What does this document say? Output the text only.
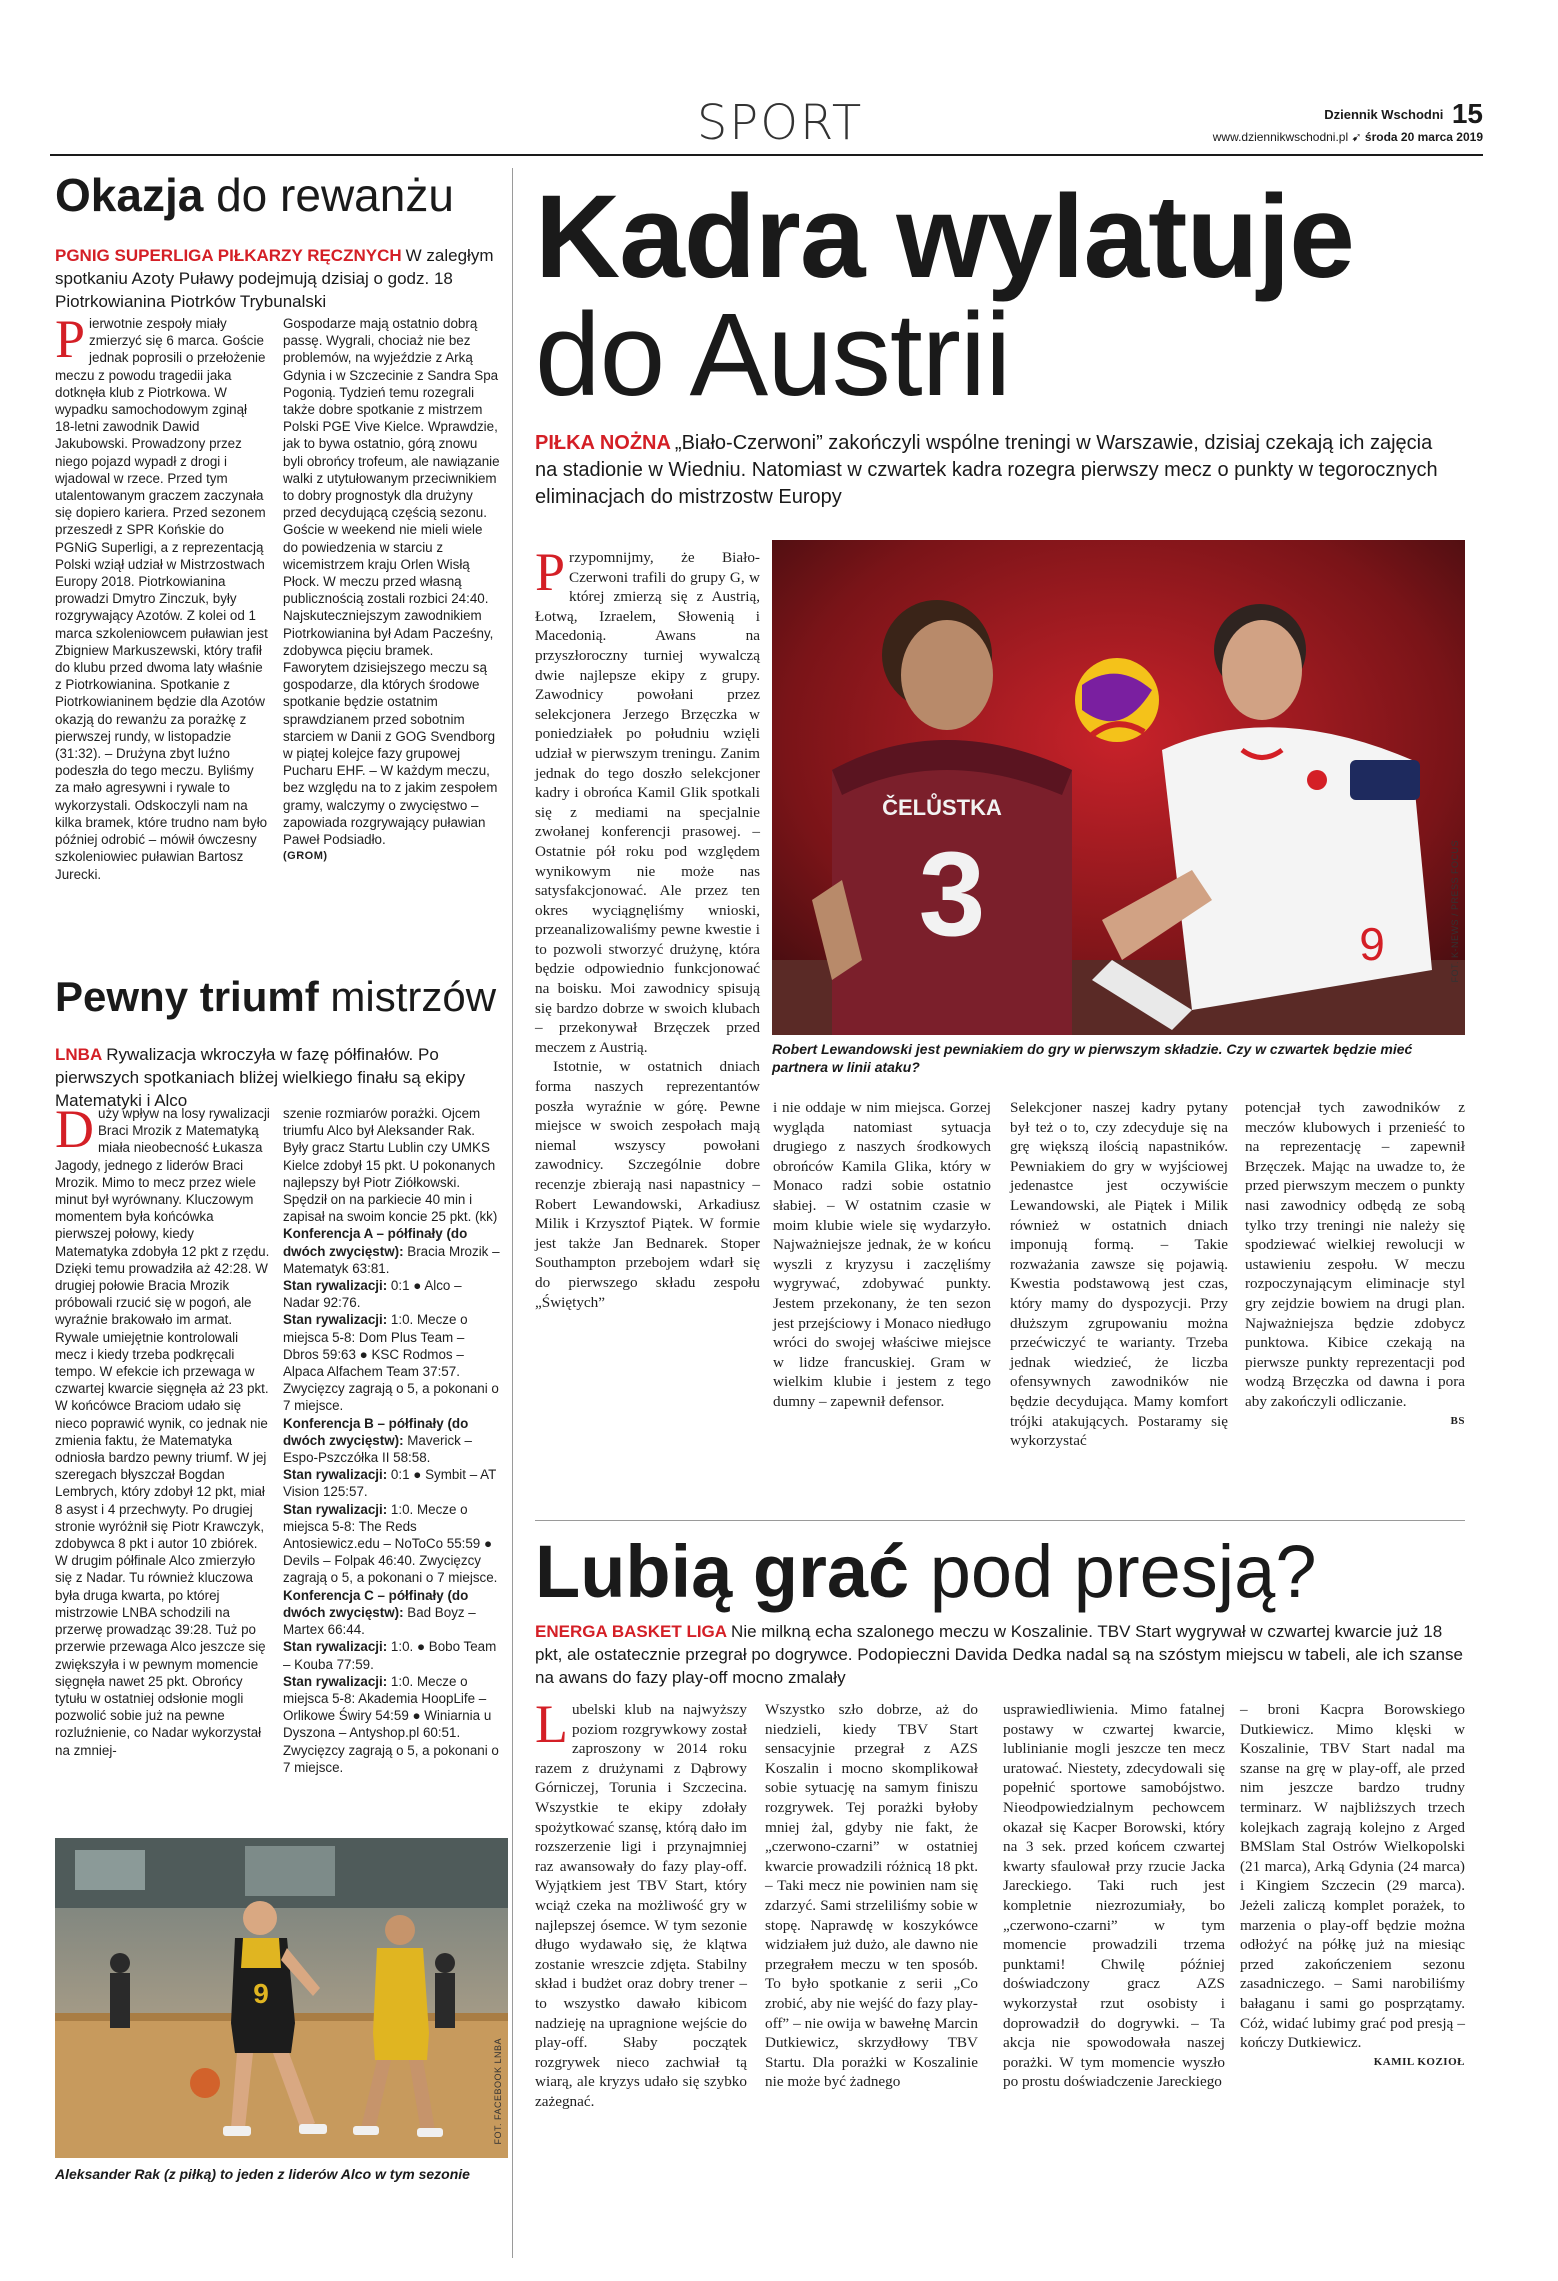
SPORT	Dziennik Wschodni 15
www.dziennikwschodni.pl ➹ środa 20 marca 2019
Okazja do rewanżu
PGNIG SUPERLIGA PIŁKARZY RĘCZNYCH W zaległym spotkaniu Azoty Puławy podejmują dzisiaj o godz. 18 Piotrkowianina Piotrków Trybunalski
Pierwotnie zespoły miały zmierzyć się 6 marca. Goście jednak poprosili o przełożenie meczu z powodu tragedii jaka dotknęła klub z Piotrkowa. W wypadku samochodowym zginął 18-letni zawodnik Dawid Jakubowski. Prowadzony przez niego pojazd wypadł z drogi i wjadowal w rzece. Przed tym utalentowanym graczem zaczynała się dopiero kariera. Przed sezonem przeszedł z SPR Końskie do PGNiG Superligi, a z reprezentacją Polski wziął udział w Mistrzostwach Europy 2018. Piotrkowianina prowadzi Dmytro Zinczuk, były rozgrywający Azotów. Z kolei od 1 marca szkoleniowcem puławian jest Zbigniew Markuszewski, który trafił do klubu przed dwoma laty właśnie z Piotrkowianina. Spotkanie z Piotrkowianinem będzie dla Azotów okazją do rewanżu za porażkę z pierwszej rundy, w listopadzie (31:32). – Drużyna zbyt luźno podeszła do tego meczu. Byliśmy za mało agresywni i rywale to wykorzystali. Odskoczyli nam na kilka bramek, które trudno nam było później odrobić – mówił ówczesny szkoleniowiec puławian Bartosz Jurecki.
Gospodarze mają ostatnio dobrą passę. Wygrali, chociaż nie bez problemów, na wyjeździe z Arką Gdynia i w Szczecinie z Sandra Spa Pogonią. Tydzień temu rozegrali także dobre spotkanie z mistrzem Polski PGE Vive Kielce. Wprawdzie, jak to bywa ostatnio, górą znowu byli obrońcy trofeum, ale nawiązanie walki z utytułowanym przeciwnikiem to dobry prognostyk dla drużyny przed decydującą częścią sezonu. Goście w weekend nie mieli wiele do powiedzenia w starciu z wicemistrzem kraju Orlen Wisłą Płock. W meczu przed własną publicznością zostali rozbici 24:40. Najskuteczniejszym zawodnikiem Piotrkowianina był Adam Pacześny, zdobywca pięciu bramek. Faworytem dzisiejszego meczu są gospodarze, dla których środowe spotkanie będzie ostatnim sprawdzianem przed sobotnim starciem w Danii z GOG Svendborg w piątej kolejce fazy grupowej Pucharu EHF. – W każdym meczu, bez względu na to z jakim zespołem gramy, walczymy o zwycięstwo – zapowiada rozgrywający puławian Paweł Podsiadło.
(GROM)
Pewny triumf mistrzów
LNBA Rywalizacja wkroczyła w fazę półfinałów. Po pierwszych spotkaniach bliżej wielkiego finału są ekipy Matematyki i Alco
Duży wpływ na losy rywalizacji Braci Mrozik z Matematyką miała nieobecność Łukasza Jagody, jednego z liderów Braci Mrozik. Mimo to mecz przez wiele minut był wyrównany. Kluczowym momentem była końcówka pierwszej połowy, kiedy Matematyka zdobyła 12 pkt z rzędu. Dzięki temu prowadziła aż 42:28. W drugiej połowie Bracia Mrozik próbowali rzucić się w pogoń, ale wyraźnie brakowało im armat. Rywale umiejętnie kontrolowali mecz i kiedy trzeba podkręcali tempo. W efekcie ich przewaga w czwartej kwarcie sięgnęła aż 23 pkt. W końcówce Braciom udało się nieco poprawić wynik, co jednak nie zmienia faktu, że Matematyka odniosła bardzo pewny triumf. W jej szeregach błyszczał Bogdan Lembrych, który zdobył 12 pkt, miał 8 asyst i 4 przechwyty. Po drugiej stronie wyróżnił się Piotr Krawczyk, zdobywca 8 pkt i autor 10 zbiórek. W drugim półfinale Alco zmierzyło się z Nadar. Tu również kluczowa była druga kwarta, po której mistrzowie LNBA schodzili na przerwę prowadząc 39:28. Tuż po przerwie przewaga Alco jeszcze się zwiększyła i w pewnym momencie sięgnęła nawet 25 pkt. Obrońcy tytułu w ostatniej odsłonie mogli pozwolić sobie już na pewne rozluźnienie, co Nadar wykorzystał na zmniej-
szenie rozmiarów porażki. Ojcem triumfu Alco był Aleksander Rak. Były gracz Startu Lublin czy UMKS Kielce zdobył 15 pkt. U pokonanych najlepszy był Piotr Ziółkowski. Spędził on na parkiecie 40 min i zapisał na swoim koncie 25 pkt. (kk)

Konferencja A – półfinały (do dwóch zwycięstw): Bracia Mrozik – Matematyk 63:81.

Stan rywalizacji: 0:1 ● Alco – Nadar 92:76.

Stan rywalizacji: 1:0. Mecze o miejsca 5-8: Dom Plus Team – Dbros 59:63 ● KSC Rodmos – Alpaca Alfachem Team 37:57. Zwycięzcy zagrają o 5, a pokonani o 7 miejsce.

Konferencja B – półfinały (do dwóch zwycięstw): Maverick – Espo-Pszczółka II 58:58.

Stan rywalizacji: 0:1 ● Symbit – AT Vision 125:57.

Stan rywalizacji: 1:0. Mecze o miejsca 5-8: The Reds Antosiewicz.edu – NoToCo 55:59 ● Devils – Folpak 46:40. Zwycięzcy zagrają o 5, a pokonani o 7 miejsce.

Konferencja C – półfinały (do dwóch zwycięstw): Bad Boyz – Martex 66:44.

Stan rywalizacji: 1:0. ● Bobo Team – Kouba 77:59.

Stan rywalizacji: 1:0. Mecze o miejsca 5-8: Akademia HoopLife – Orlikowe Świry 54:59 ● Winiarnia u Dyszona – Antyshop.pl 60:51. Zwycięzcy zagrają o 5, a pokonani o 7 miejsce.

9
FOT. FACEBOOK LNBA
Aleksander Rak (z piłką) to jeden z liderów Alco w tym sezonie
Kadra wylatuje
do Austrii
PIŁKA NOŻNA „Biało-Czerwoni” zakończyli wspólne treningi w Warszawie, dzisiaj czekają ich zajęcia na stadionie w Wiedniu. Natomiast w czwartek kadra rozegra pierwszy mecz o punkty w tegorocznych eliminacjach do mistrzostw Europy
Przypomnijmy, że Biało-Czerwoni trafili do grupy G, w której zmierzą się z Austrią, Łotwą, Izraelem, Słowenią i Macedonią. Awans na przyszłoroczny turniej wywalczą dwie najlepsze ekipy z grupy. Zawodnicy powołani przez selekcjonera Jerzego Brzęczka w poniedziałek po południu wzięli udział w pierwszym treningu. Zanim jednak do tego doszło selekcjoner kadry i obrońca Kamil Glik spotkali się z mediami na specjalnie zwołanej konferencji prasowej. – Ostatnie pół roku pod względem wynikowym nie może nas satysfakcjonować. Ale przez ten okres wyciągnęliśmy wnioski, przeanalizowaliśmy pewne kwestie i to pozwoli stworzyć drużynę, która będzie odpowiednio funkcjonować na boisku. Moi zawodnicy spisują się bardzo dobrze w swoich klubach – przekonywał Brzęczek przed meczem z Austrią.

Istotnie, w ostatnich dniach forma naszych reprezentantów poszła wyraźnie w górę. Pewne miejsce w swoich zespołach mają niemal wszyscy powołani zawodnicy. Szczególnie dobre recenzje zbierają nasi napastnicy –Robert Lewandowski, Arkadiusz Milik i Krzysztof Piątek. W formie jest także Jan Bednarek. Stoper Southampton przebojem wdarł się do pierwszego składu zespołu „Świętych”

i nie oddaje w nim miejsca. Gorzej wygląda natomiast sytuacja drugiego z naszych środkowych obrońców Kamila Glika, który w Monaco radzi sobie ostatnio słabiej. – W ostatnim czasie w moim klubie wiele się wydarzyło. Najważniejsze jednak, że w końcu wyszli z kryzysu i zaczęliśmy wygrywać, zdobywać punkty. Jestem przekonany, że ten sezon jest przejściowy i Monaco niedługo wróci do swojej właściwe miejsce w lidze francuskiej. Gram w wielkim klubie i jestem z tego dumny – zapewnił defensor.
Selekcjoner naszej kadry pytany był też o to, czy zdecyduje się na grę większą ilością napastników. Pewniakiem do gry w wyjściowej jedenastce jest oczywiście Lewandowski, ale Piątek i Milik również w ostatnich dniach imponują formą. – Takie rozważania zawsze się pojawią. Kwestia podstawową jest czas, który mamy do dyspozycji. Przy dłuższym zgrupowaniu można przećwiczyć te warianty. Trzeba jednak wiedzieć, że liczba ofensywnych zawodników nie będzie decydująca. Mamy komfort trójki atakujących. Postaramy się wykorzystać
potencjał tych zawodników z meczów klubowych i przenieść to na reprezentację – zapewnił Brzęczek. Mając na uwadze to, że przed pierwszym meczem o punkty nasi zawodnicy odbędą ze sobą tylko trzy treningi nie należy się spodziewać wielkiej rewolucji w ustawieniu zespołu. W meczu rozpoczynającym eliminacje styl gry zejdzie bowiem na drugi plan. Najważniejsza będzie zdobycz punktowa. Kibice czekają na pierwsze punkty reprezentacji pod wodzą Brzęczka od dawna i pora aby zakończyli odliczanie.
BS
ČELŮSTKA
3	9	FOT. K-NEWS / PRESS FOCUS
Robert Lewandowski jest pewniakiem do gry w pierwszym składzie. Czy w czwartek będzie mieć partnera w linii ataku?
Lubią grać pod presją?
ENERGA BASKET LIGA Nie milkną echa szalonego meczu w Koszalinie. TBV Start wygrywał w czwartej kwarcie już 18 pkt, ale ostatecznie przegrał po dogrywce. Podopieczni Davida Dedka nadal są na szóstym miejscu w tabeli, ale ich szanse na awans do fazy play-off mocno zmalały
Lubelski klub na najwyższy poziom rozgrywkowy został zaproszony w 2014 roku razem z drużynami z Dąbrowy Górniczej, Torunia i Szczecina. Wszystkie te ekipy zdołały spożytkować szansę, którą dało im rozszerzenie ligi i przynajmniej raz awansowały do fazy play-off. Wyjątkiem jest TBV Start, który wciąż czeka na możliwość gry w najlepszej ósemce. W tym sezonie długo wydawało się, że klątwa zostanie wreszcie zdjęta. Stabilny skład i budżet oraz dobry trener – to wszystko dawało kibicom nadzieję na upragnione wejście do play-off. Słaby początek rozgrywek nieco zachwiał tą wiarą, ale kryzys udało się szybko zażegnać.
Wszystko szło dobrze, aż do niedzieli, kiedy TBV Start sensacyjnie przegrał z AZS Koszalin i mocno skomplikował sobie sytuację na samym finiszu rozgrywek. Tej porażki byłoby mniej żal, gdyby nie fakt, że „czerwono-czarni” w ostatniej kwarcie prowadzili różnicą 18 pkt. – Taki mecz nie powinien nam się zdarzyć. Sami strzeliliśmy sobie w stopę. Naprawdę w koszykówce widziałem już dużo, ale dawno nie przegrałem meczu w ten sposób. To było spotkanie z serii „Co zrobić, aby nie wejść do fazy play-off” – nie owija w bawełnę Marcin Dutkiewicz, skrzydłowy TBV Startu. Dla porażki w Koszalinie nie może być żadnego
usprawiedliwienia. Mimo fatalnej postawy w czwartej kwarcie, lublinianie mogli jeszcze ten mecz uratować. Niestety, zdecydowali się popełnić sportowe samobójstwo. Nieodpowiedzialnym pechowcem okazał się Kacper Borowski, który na 3 sek. przed końcem czwartej kwarty sfaulował przy rzucie Jacka Jareckiego. Taki ruch jest kompletnie niezrozumiały, bo „czerwono-czarni” w tym momencie prowadzili trzema punktami! Chwilę później doświadczony gracz AZS wykorzystał rzut osobisty i doprowadził do dogrywki. – Ta akcja nie spowodowała naszej porażki. W tym momencie wyszło po prostu doświadczenie Jareckiego
– broni Kacpra Borowskiego Dutkiewicz. Mimo klęski w Koszalinie, TBV Start nadal ma szanse na grę w play-off, ale przed nim jeszcze bardzo trudny terminarz. W najbliższych trzech kolejkach zagrają kolejno z Arged BMSlam Stal Ostrów Wielkopolski (21 marca), Arką Gdynia (24 marca) i Kingiem Szczecin (29 marca). Jeżeli zaliczą komplet porażek, to marzenia o play-off będzie można odłożyć na półkę już na miesiąc przed zakończeniem sezonu zasadniczego. – Sami narobiliśmy bałaganu i sami go posprzątamy. Cóż, widać lubimy grać pod presją – kończy Dutkiewicz.
KAMIL KOZIOŁ
